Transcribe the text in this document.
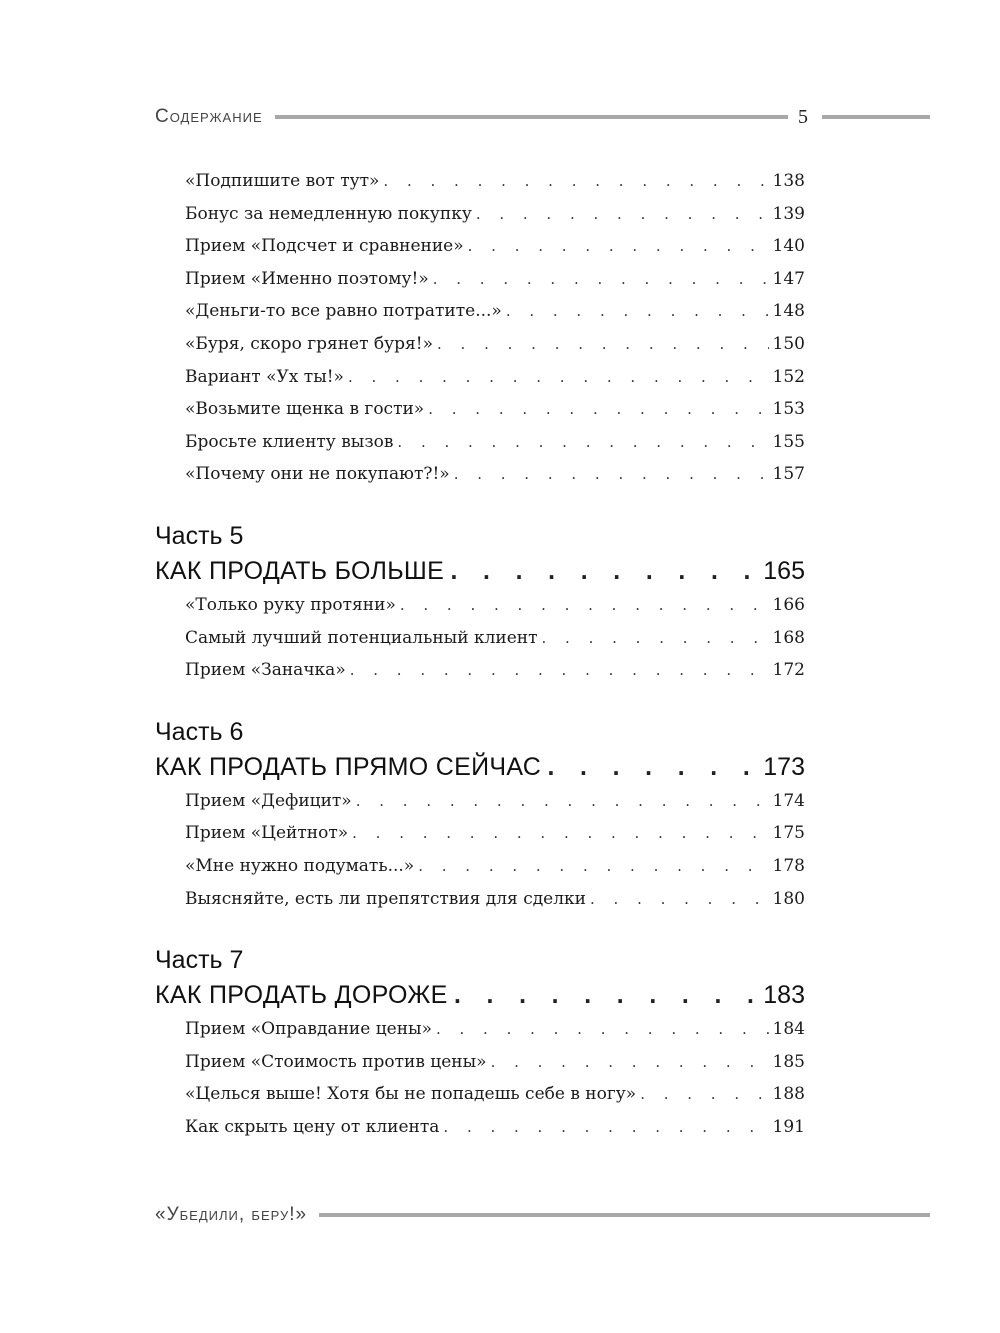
Содержание	5
«Подпишите вот тут» . . .	138
Бонус за немедленную покупку . . .	139
Прием «Подсчет и сравнение» . . .	140
Прием «Именно поэтому!» . . .	147
«Деньги-то все равно потратите...» . . .	148
«Буря, скоро грянет буря!» . . .	150
Вариант «Ух ты!» . . .	152
«Возьмите щенка в гости» . . .	153
Бросьте клиенту вызов . . .	155
«Почему они не покупают?!» . . .	157
Часть 5
КАК ПРОДАТЬ БОЛЬШЕ . . .	165
«Только руку протяни» . . .	166
Самый лучший потенциальный клиент . . .	168
Прием «Заначка» . . .	172
Часть 6
КАК ПРОДАТЬ ПРЯМО СЕЙЧАС . . .	173
Прием «Дефицит» . . .	174
Прием «Цейтнот» . . .	175
«Мне нужно подумать...» . . .	178
Выясняйте, есть ли препятствия для сделки . . .	180
Часть 7
КАК ПРОДАТЬ ДОРОЖЕ . . .	183
Прием «Оправдание цены» . . .	184
Прием «Стоимость против цены» . . .	185
«Целься выше! Хотя бы не попадешь себе в ногу» . . .	188
Как скрыть цену от клиента . . .	191
«Убедили, беру!»
